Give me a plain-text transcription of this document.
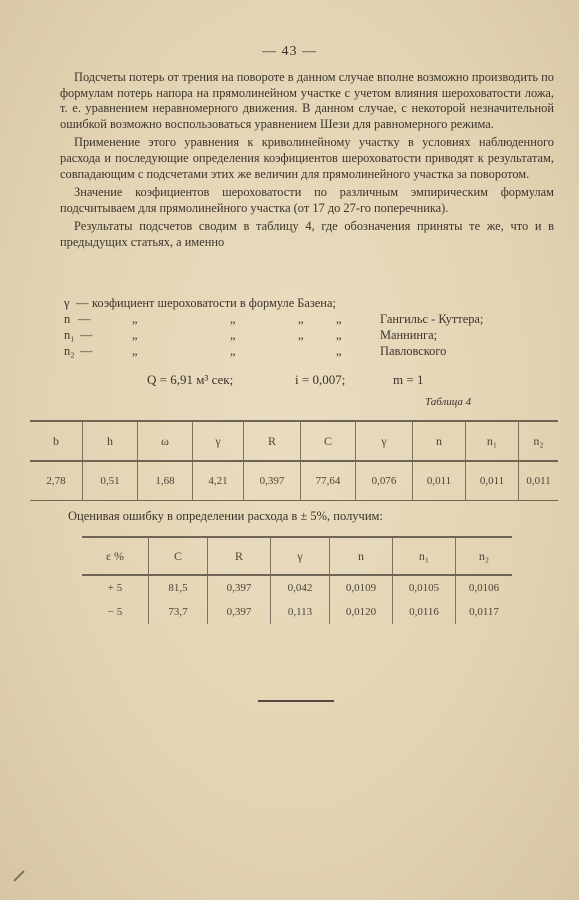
— 43 —

Подсчеты потерь от трения на повороте в данном случае вполне возможно производить по формулам потерь напора на прямолинейном участке с учетом влияния шероховатости ложа, т. е. уравнением неравномерного движения. В данном случае, с некоторой незначительной ошибкой возможно воспользоваться уравнением Шези для равномерного режима.

Применение этого уравнения к криволинейному участку в условиях наблюденного расхода и последующие определения коэфициентов шероховатости приводят к результатам, совпадающим с подсчетами этих же величин для прямолинейного участка за поворотом.

Значение коэфициентов шероховатости по различным эмпирическим формулам подсчитываем для прямолинейного участка (от 17 до 27-го поперечника).

Результаты подсчетов сводим в таблицу 4, где обозначения приняты те же, что и в предыдущих статьях, а именно

γ — коэфициент шероховатости в формуле Базена;
n —	„	„	„	„	Гангильс - Куттера;
n₁ —	„	„	„	„	Маннинга;
n₂ —	„	„	„	Павловского
Q = 6,91 м³ сек;	i = 0,007;	m = 1
Таблица 4
b	h	ω	γ	R	C	γ	n	n₁	n₂
2,78	0,51	1,68	4,21	0,397	77,64	0,076	0,011	0,011	0,011
Оценивая ошибку в определении расхода в ± 5%, получим:
ε %	C	R	γ	n	n₁	n₂
+ 5	81,5	0,397	0,042	0,0109	0,0105	0,0106
− 5	73,7	0,397	0,113	0,0120	0,0116	0,0117
